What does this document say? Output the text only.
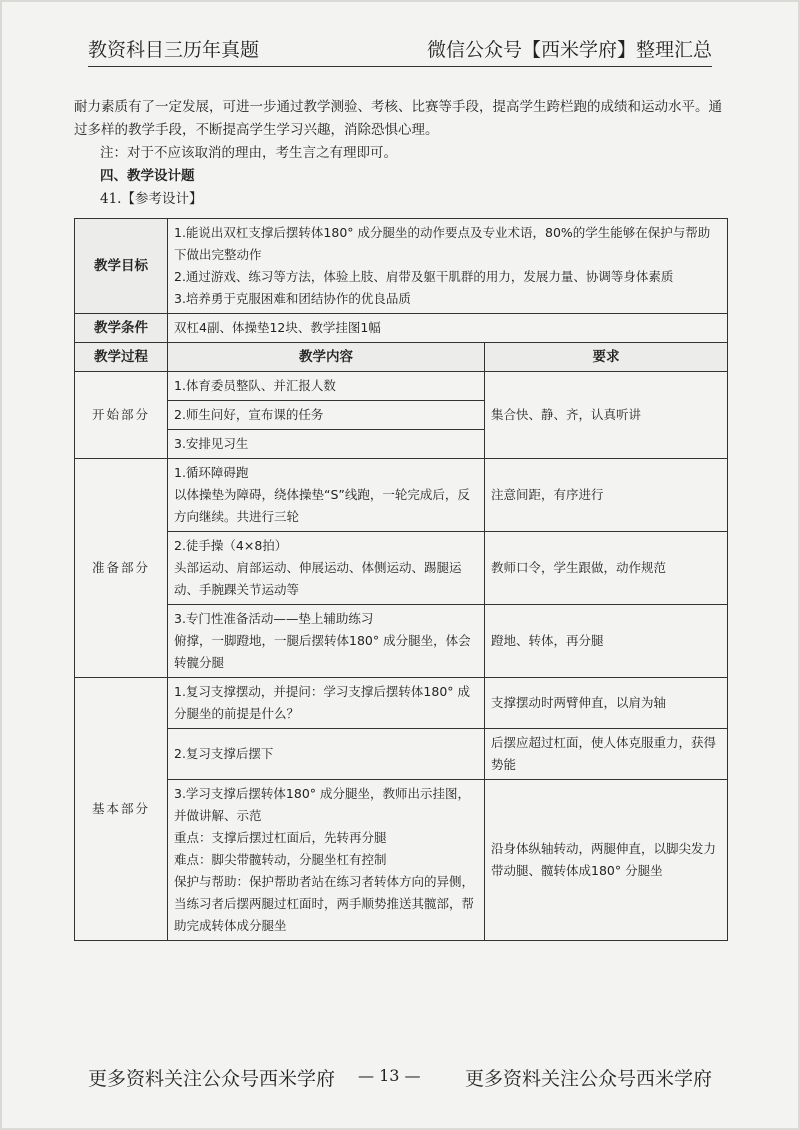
教资科目三历年真题	微信公众号【西米学府】整理汇总

耐力素质有了一定发展，可进一步通过教学测验、考核、比赛等手段，提高学生跨栏跑的成绩和运动水平。通

过多样的教学手段，不断提高学生学习兴趣，消除恐惧心理。

注：对于不应该取消的理由，考生言之有理即可。

四、教学设计题

41.【参考设计】

教学目标	1.能说出双杠支撑后摆转体180° 成分腿坐的动作要点及专业术语，80%的学生能够在保护与帮助下做出完整动作
2.通过游戏、练习等方法，体验上肢、肩带及躯干肌群的用力，发展力量、协调等身体素质
3.培养勇于克服困难和团结协作的优良品质	

教学条件	双杠4副、体操垫12块、教学挂图1幅	
教学过程	教学内容	要求
开始部分	1.体育委员整队、并汇报人数	集合快、静、齐，认真听讲
	2.师生问好，宣布课的任务	
	3.安排见习生	
准备部分	1.循环障碍跑
以体操垫为障碍，绕体操垫“S”线跑，一轮完成后，反方向继续。共进行三轮	注意间距，有序进行

	2.徒手操（4×8拍）
头部运动、肩部运动、伸展运动、体侧运动、踢腿运动、手腕踝关节运动等	教师口令，学生跟做，动作规范

	3.专门性准备活动——垫上辅助练习
俯撑，一脚蹬地，一腿后摆转体180° 成分腿坐，体会转髋分腿	蹬地、转体，再分腿
基本部分	1.复习支撑摆动，并提问：学习支撑后摆转体180° 成分腿坐的前提是什么？	支撑摆动时两臂伸直，以肩为轴

	2.复习支撑后摆下	后摆应超过杠面，使人体克服重力，获得势能

	3.学习支撑后摆转体180° 成分腿坐，教师出示挂图，并做讲解、示范
重点：支撑后摆过杠面后，先转再分腿
难点：脚尖带髋转动，分腿坐杠有控制
保护与帮助：保护帮助者站在练习者转体方向的异侧，当练习者后摆两腿过杠面时，两手顺势推送其髋部，帮助完成转体成分腿坐	沿身体纵轴转动，两腿伸直，以脚尖发力带动腿、髋转体成180° 分腿坐
更多资料关注公众号西米学府 — 13 — 更多资料关注公众号西米学府
